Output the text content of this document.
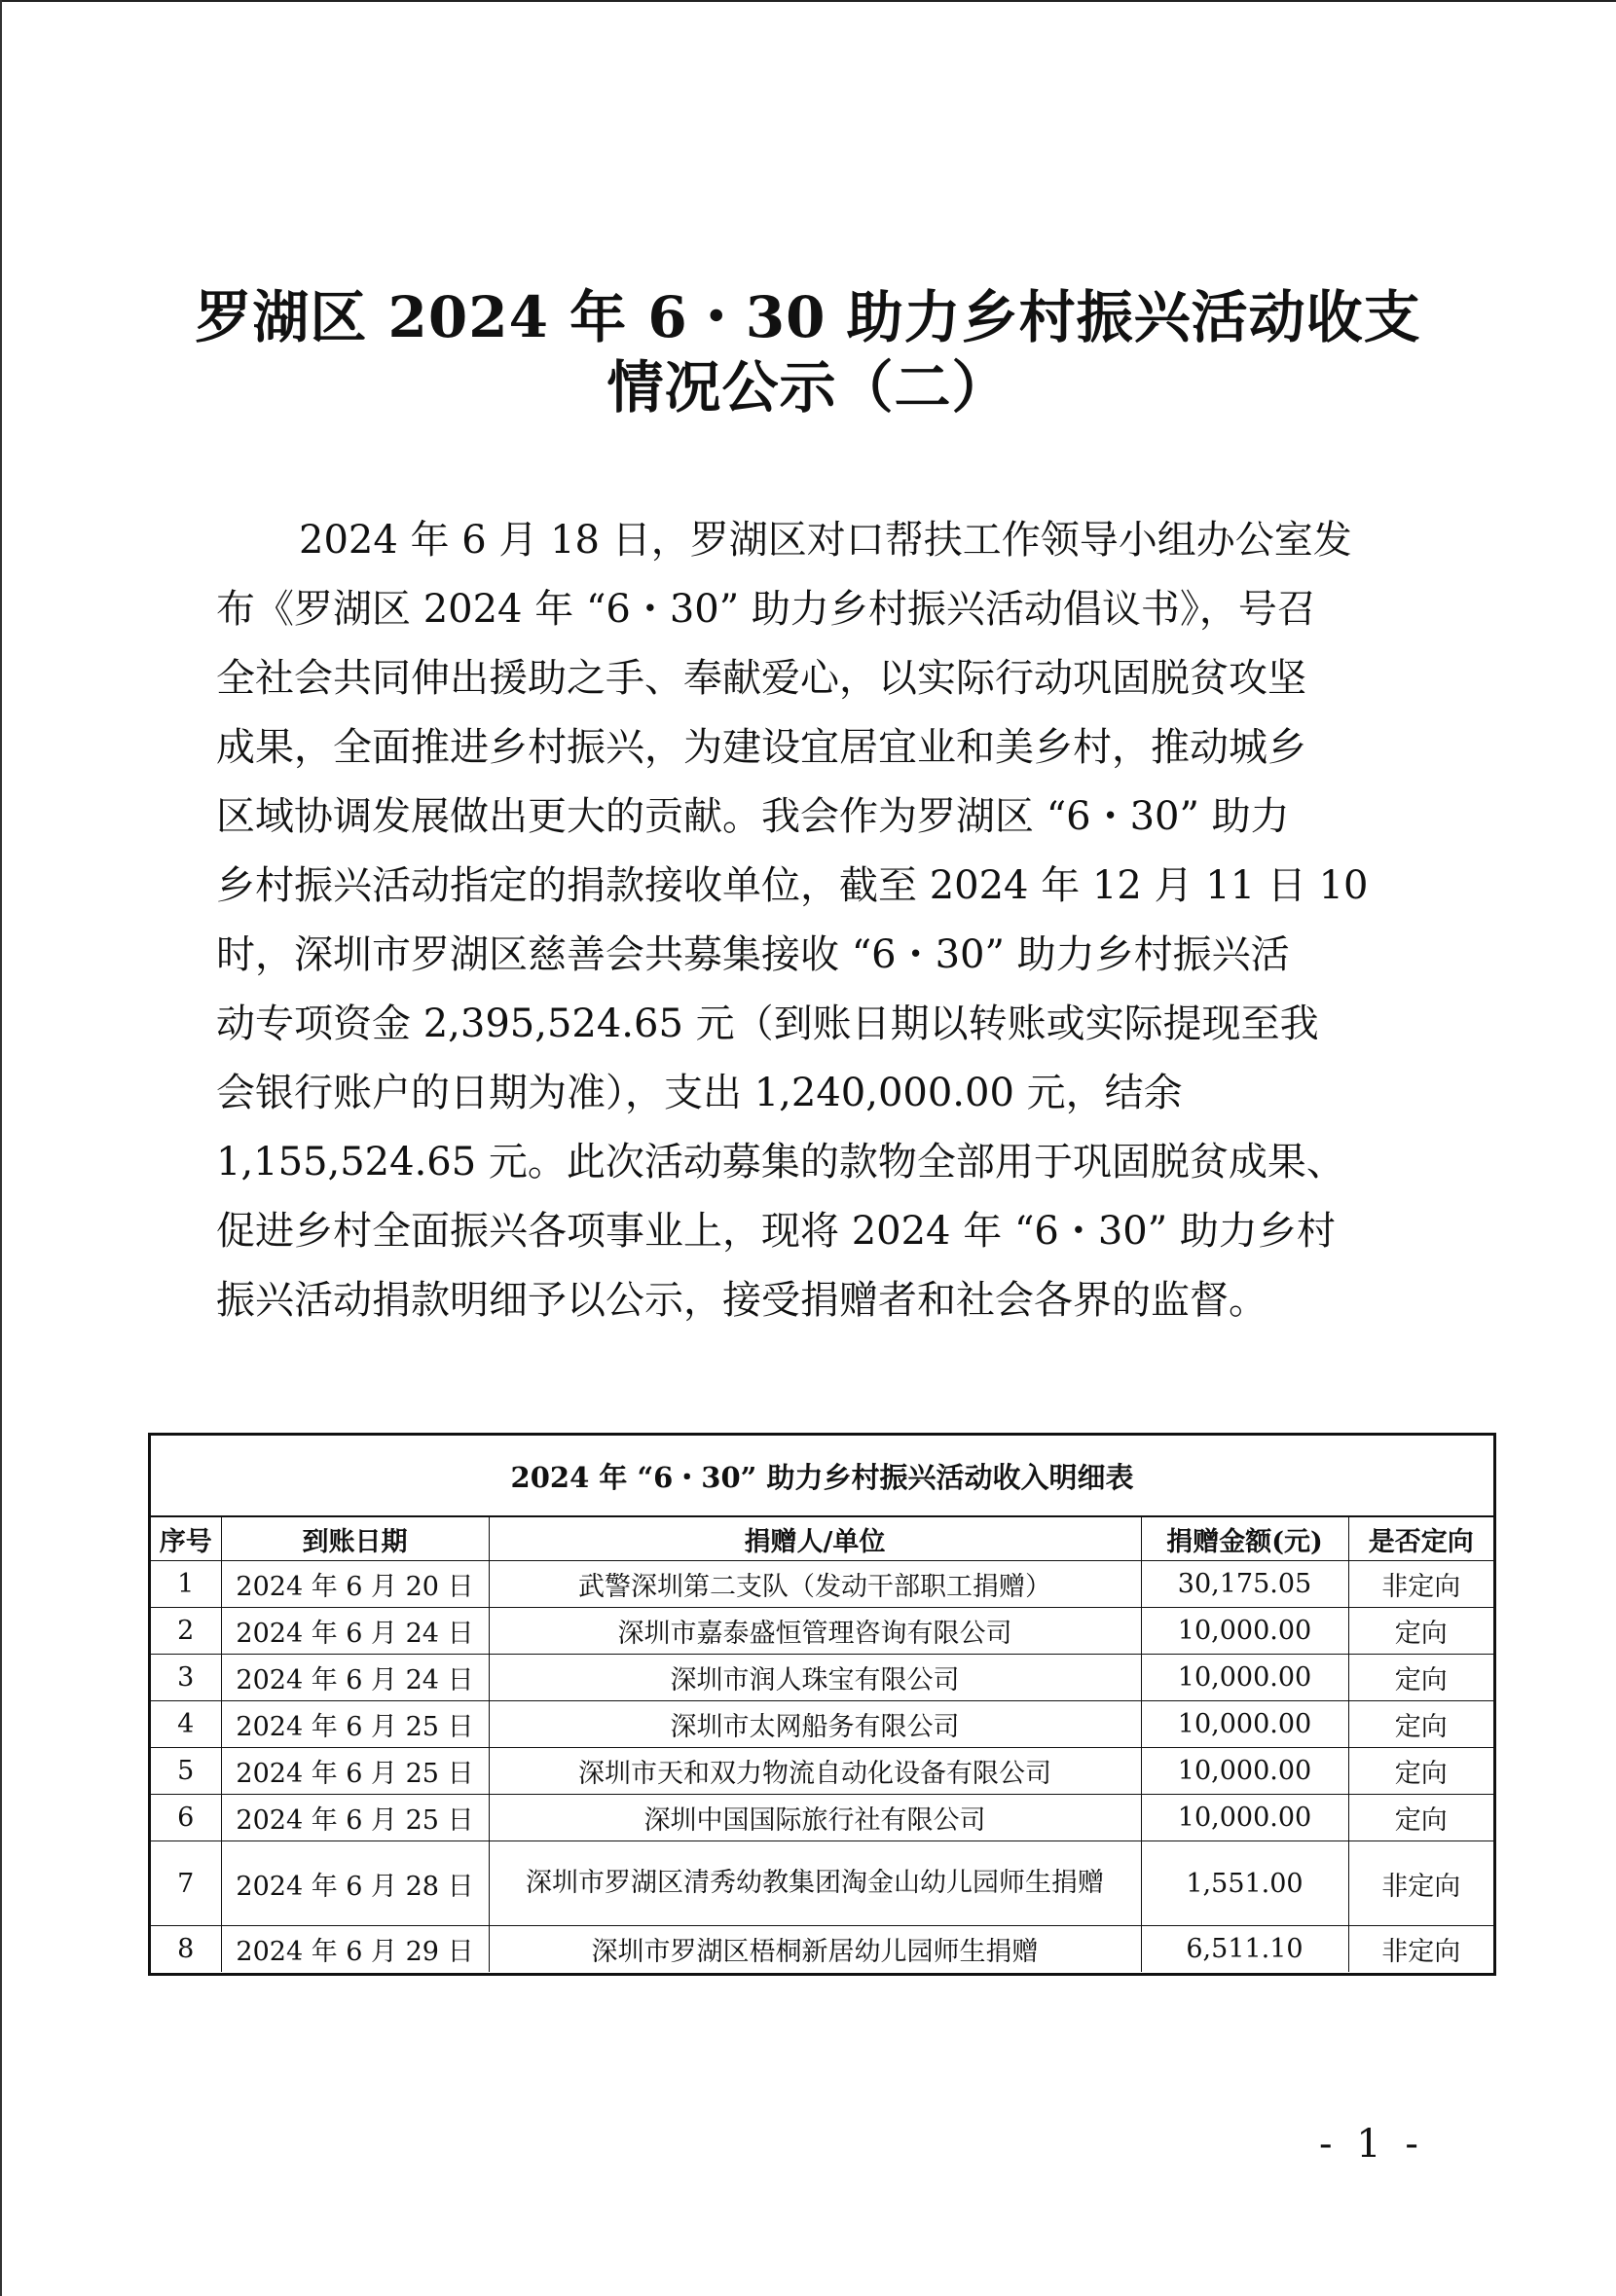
罗湖区 2024 年 6・30 助力乡村振兴活动收支
情况公示（二）
2024 年 6 月 18 日，罗湖区对口帮扶工作领导小组办公室发
布《罗湖区 2024 年 “6・30” 助力乡村振兴活动倡议书》，号召
全社会共同伸出援助之手、奉献爱心，以实际行动巩固脱贫攻坚
成果，全面推进乡村振兴，为建设宜居宜业和美乡村，推动城乡
区域协调发展做出更大的贡献。我会作为罗湖区 “6・30” 助力
乡村振兴活动指定的捐款接收单位，截至 2024 年 12 月 11 日 10
时，深圳市罗湖区慈善会共募集接收 “6・30” 助力乡村振兴活
动专项资金 2,395,524.65 元（到账日期以转账或实际提现至我
会银行账户的日期为准），支出 1,240,000.00 元，结余
1,155,524.65 元。此次活动募集的款物全部用于巩固脱贫成果、
促进乡村全面振兴各项事业上，现将 2024 年 “6・30” 助力乡村
振兴活动捐款明细予以公示，接受捐赠者和社会各界的监督。
2024 年 “6・30” 助力乡村振兴活动收入明细表
序号	到账日期	捐赠人/单位	捐赠金额(元)	是否定向
1	2024 年 6 月 20 日	武警深圳第二支队（发动干部职工捐赠）	30,175.05	非定向
2	2024 年 6 月 24 日	深圳市嘉泰盛恒管理咨询有限公司	10,000.00	定向
3	2024 年 6 月 24 日	深圳市润人珠宝有限公司	10,000.00	定向
4	2024 年 6 月 25 日	深圳市太网船务有限公司	10,000.00	定向
5	2024 年 6 月 25 日	深圳市天和双力物流自动化设备有限公司	10,000.00	定向
6	2024 年 6 月 25 日	深圳中国国际旅行社有限公司	10,000.00	定向
7	2024 年 6 月 28 日	深圳市罗湖区清秀幼教集团淘金山幼儿园师生捐赠	1,551.00	非定向
8	2024 年 6 月 29 日	深圳市罗湖区梧桐新居幼儿园师生捐赠	6,511.10	非定向
- 1 -
